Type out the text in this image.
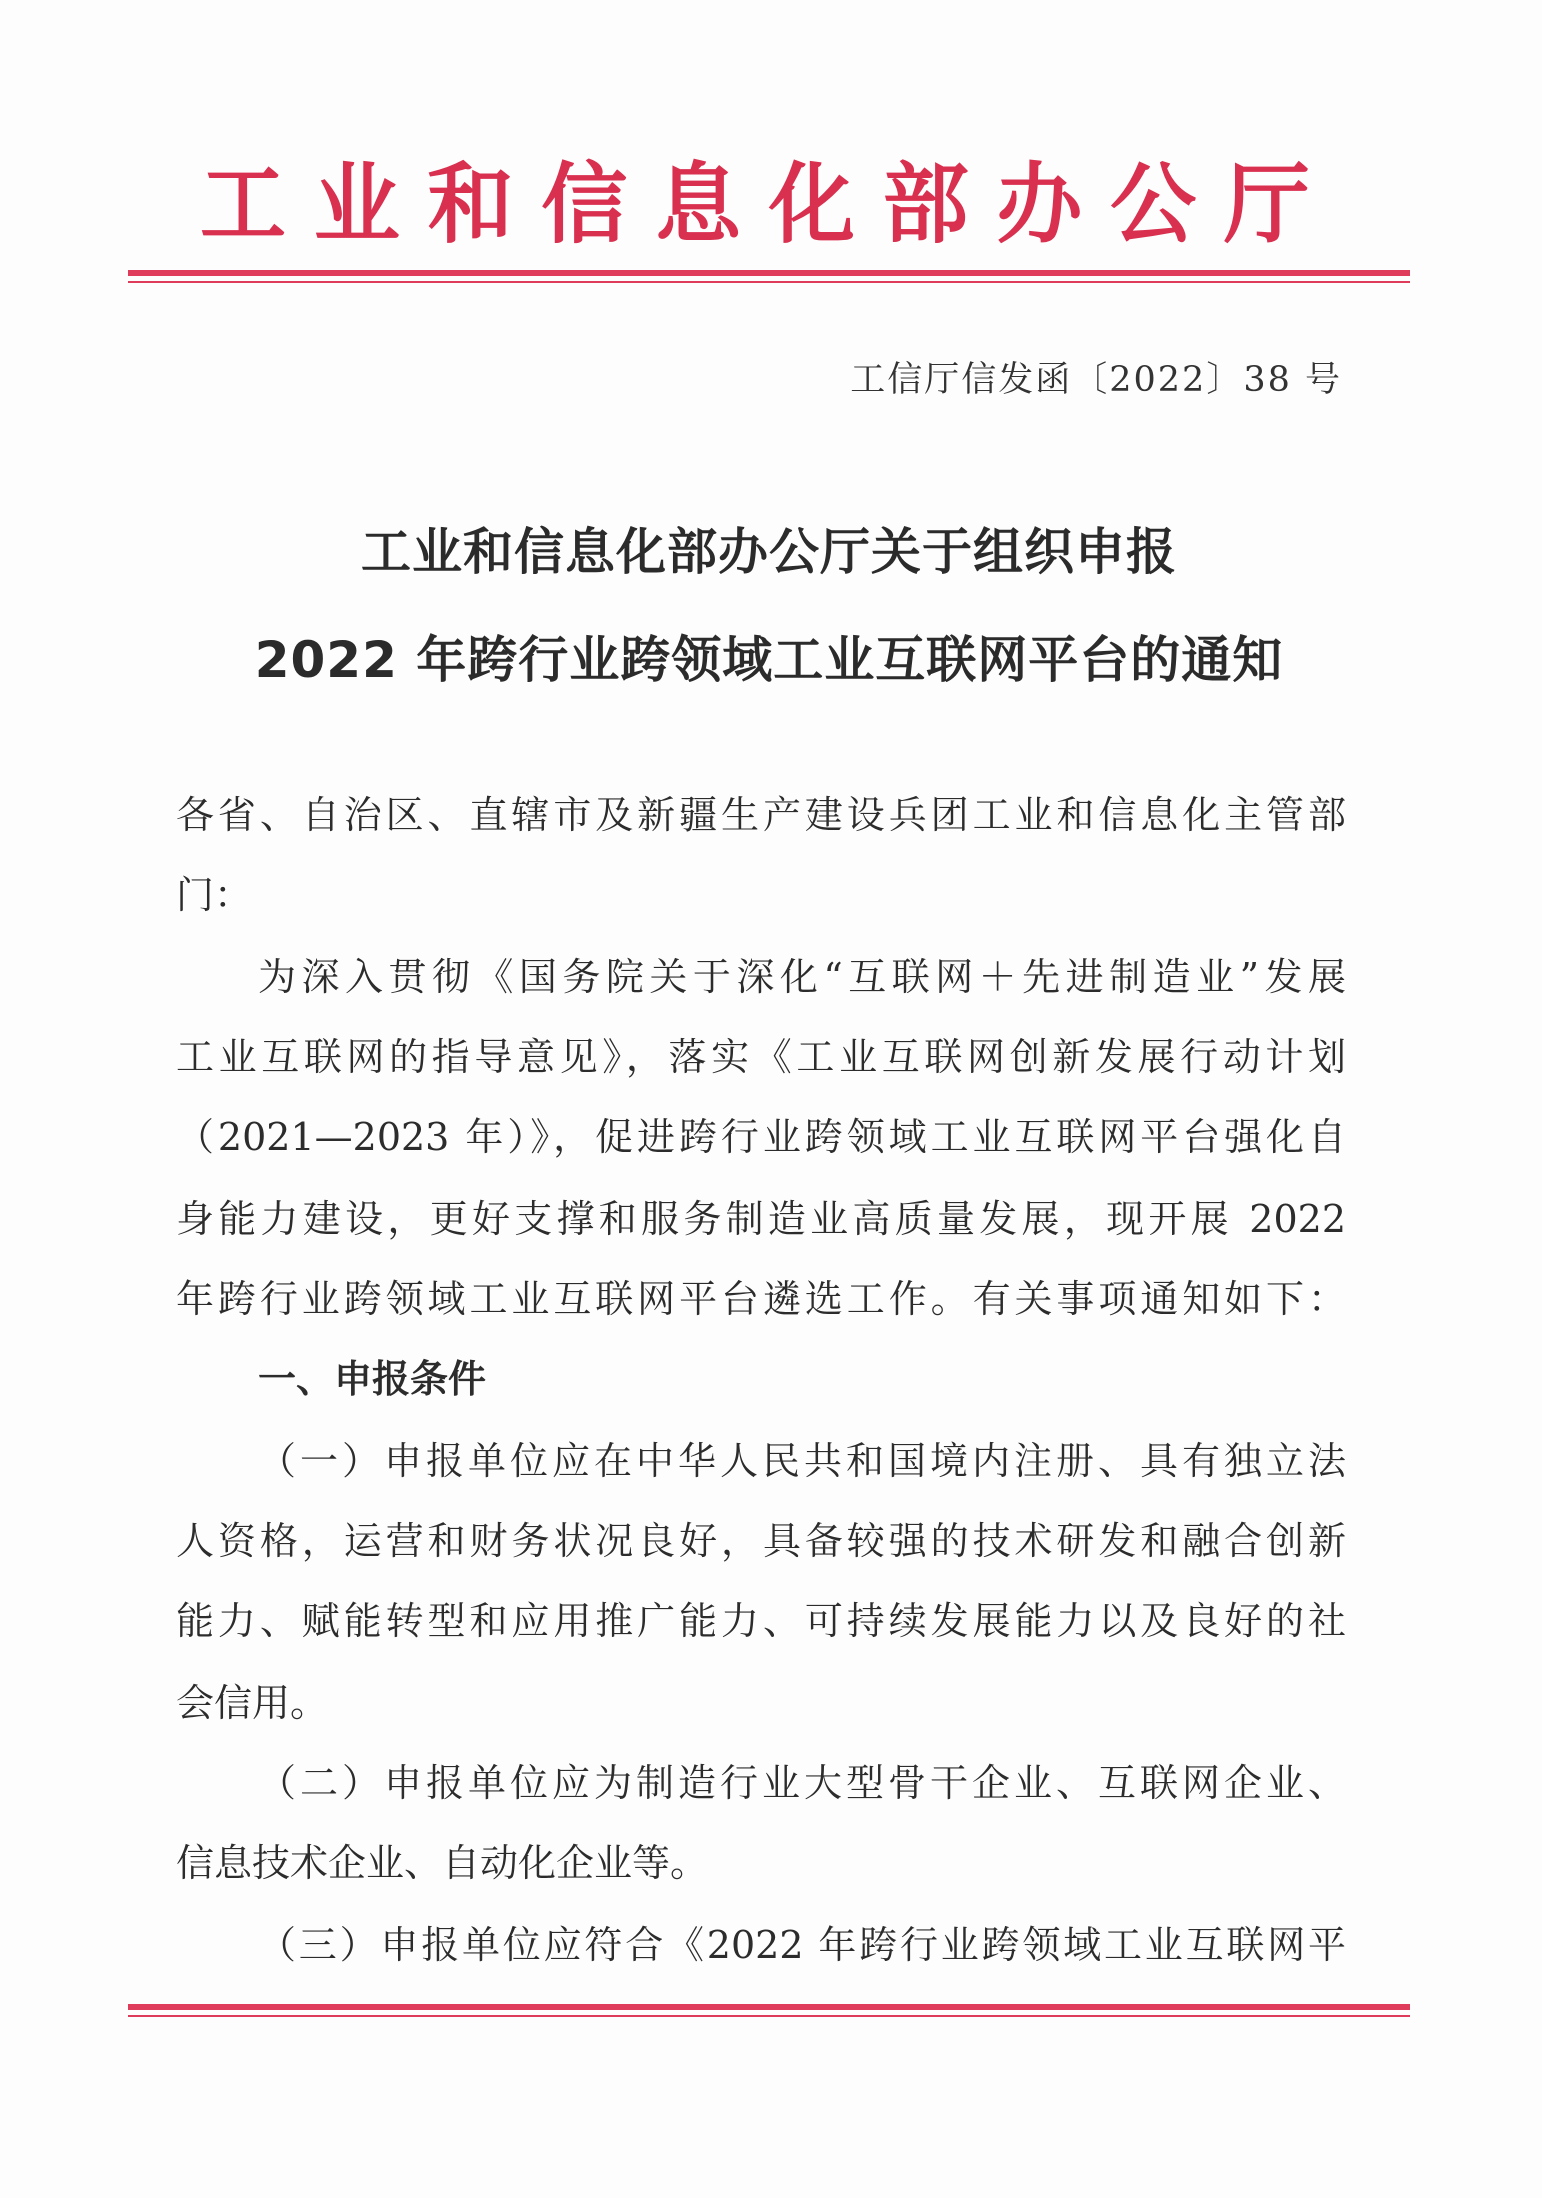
工 业 和 信 息 化 部 办 公 厅
工信厅信发函〔2022〕38 号
工业和信息化部办公厅关于组织申报
2022 年跨行业跨领域工业互联网平台的通知
各省、自治区、直辖市及新疆生产建设兵团工业和信息化主管部
门：
为深入贯彻《国务院关于深化“互联网＋先进制造业”发展
工业互联网的指导意见》，落实《工业互联网创新发展行动计划
（2021—2023 年）》，促进跨行业跨领域工业互联网平台强化自
身能力建设，更好支撑和服务制造业高质量发展，现开展 2022
年跨行业跨领域工业互联网平台遴选工作。有关事项通知如下：
一、申报条件
（一）申报单位应在中华人民共和国境内注册、具有独立法
人资格，运营和财务状况良好，具备较强的技术研发和融合创新
能力、赋能转型和应用推广能力、可持续发展能力以及良好的社
会信用。
（二）申报单位应为制造行业大型骨干企业、互联网企业、
信息技术企业、自动化企业等。
（三）申报单位应符合《2022 年跨行业跨领域工业互联网平
